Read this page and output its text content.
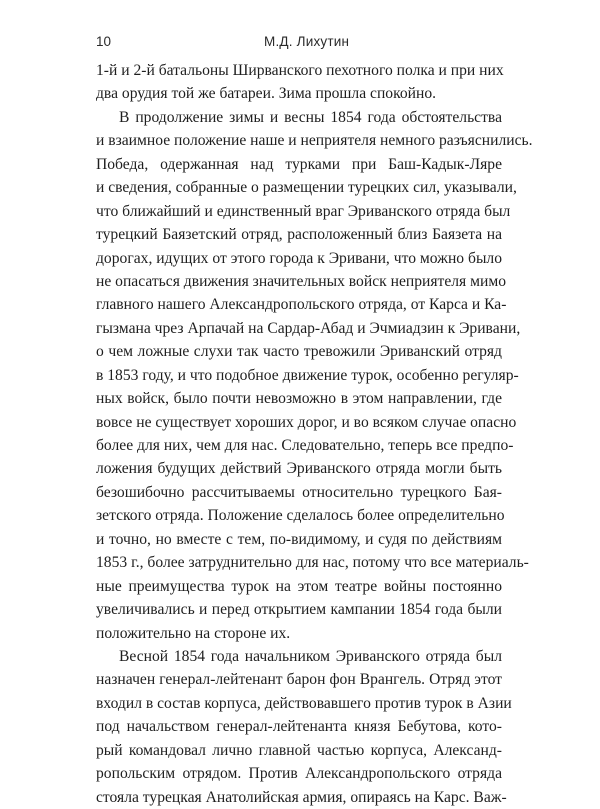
10	М.Д. Лихутин
1-й и 2-й батальоны Ширванского пехотного полка и при них
два орудия той же батареи. Зима прошла спокойно.
В продолжение зимы и весны 1854 года обстоятельства
и взаимное положение наше и неприятеля немного разъяснились.
Победа, одержанная над турками при Баш-Кадык-Ляре
и сведения, собранные о размещении турецких сил, указывали,
что ближайший и единственный враг Эриванского отряда был
турецкий Баязетский отряд, расположенный близ Баязета на
дорогах, идущих от этого города к Эривани, что можно было
не опасаться движения значительных войск неприятеля мимо
главного нашего Александропольского отряда, от Карса и Ка-
гызмана чрез Арпачай на Сардар-Абад и Эчмиадзин к Эривани,
о чем ложные слухи так часто тревожили Эриванский отряд
в 1853 году, и что подобное движение турок, особенно регуляр-
ных войск, было почти невозможно в этом направлении, где
вовсе не существует хороших дорог, и во всяком случае опасно
более для них, чем для нас. Следовательно, теперь все предпо-
ложения будущих действий Эриванского отряда могли быть
безошибочно рассчитываемы относительно турецкого Бая-
зетского отряда. Положение сделалось более определительно
и точно, но вместе с тем, по-видимому, и судя по действиям
1853 г., более затруднительно для нас, потому что все материаль-
ные преимущества турок на этом театре войны постоянно
увеличивались и перед открытием кампании 1854 года были
положительно на стороне их.
Весной 1854 года начальником Эриванского отряда был
назначен генерал-лейтенант барон фон Врангель. Отряд этот
входил в состав корпуса, действовавшего против турок в Азии
под начальством генерал-лейтенанта князя Бебутова, кото-
рый командовал лично главной частью корпуса, Александ-
ропольским отрядом. Против Александропольского отряда
стояла турецкая Анатолийская армия, опираясь на Карс. Важ-
